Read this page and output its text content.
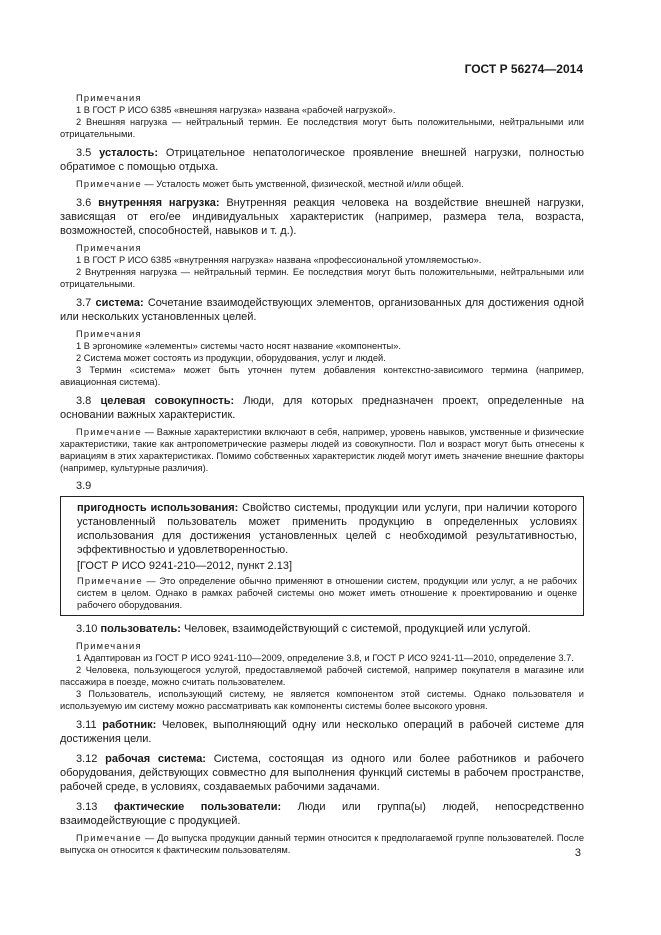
ГОСТ Р 56274—2014

Примечания

1 В ГОСТ Р ИСО 6385 «внешняя нагрузка» названа «рабочей нагрузкой».

2 Внешняя нагрузка — нейтральный термин. Ее последствия могут быть положительными, нейтральными или отрицательными.

3.5 усталость: Отрицательное непатологическое проявление внешней нагрузки, полностью обратимое с помощью отдыха.

Примечание — Усталость может быть умственной, физической, местной и/или общей.

3.6 внутренняя нагрузка: Внутренняя реакция человека на воздействие внешней нагрузки, зависящая от его/ее индивидуальных характеристик (например, размера тела, возраста, возможностей, способностей, навыков и т. д.).

Примечания

1 В ГОСТ Р ИСО 6385 «внутренняя нагрузка» названа «профессиональной утомляемостью».

2 Внутренняя нагрузка — нейтральный термин. Ее последствия могут быть положительными, нейтральными или отрицательными.

3.7 система: Сочетание взаимодействующих элементов, организованных для достижения одной или нескольких установленных целей.

Примечания

1 В эргономике «элементы» системы часто носят название «компоненты».

2 Система может состоять из продукции, оборудования, услуг и людей.

3 Термин «система» может быть уточнен путем добавления контекстно-зависимого термина (например, авиационная система).

3.8 целевая совокупность: Люди, для которых предназначен проект, определенные на основании важных характеристик.

Примечание — Важные характеристики включают в себя, например, уровень навыков, умственные и физические характеристики, такие как антропометрические размеры людей из совокупности. Пол и возраст могут быть отнесены к вариациям в этих характеристиках. Помимо собственных характеристик людей могут иметь значение внешние факторы (например, культурные различия).

3.9

пригодность использования: Свойство системы, продукции или услуги, при наличии которого установленный пользователь может применить продукцию в определенных условиях использования для достижения установленных целей с необходимой результативностью, эффективностью и удовлетворенностью.

[ГОСТ Р ИСО 9241-210—2012, пункт 2.13]

Примечание — Это определение обычно применяют в отношении систем, продукции или услуг, а не рабочих систем в целом. Однако в рамках рабочей системы оно может иметь отношение к проектированию и оценке рабочего оборудования.

3.10 пользователь: Человек, взаимодействующий с системой, продукцией или услугой.

Примечания

1 Адаптирован из ГОСТ Р ИСО 9241-110—2009, определение 3.8, и ГОСТ Р ИСО 9241-11—2010, определение 3.7.

2 Человека, пользующегося услугой, предоставляемой рабочей системой, например покупателя в магазине или пассажира в поезде, можно считать пользователем.

3 Пользователь, использующий систему, не является компонентом этой системы. Однако пользователя и используемую им систему можно рассматривать как компоненты системы более высокого уровня.

3.11 работник: Человек, выполняющий одну или несколько операций в рабочей системе для достижения цели.

3.12 рабочая система: Система, состоящая из одного или более работников и рабочего оборудования, действующих совместно для выполнения функций системы в рабочем пространстве, рабочей среде, в условиях, создаваемых рабочими задачами.

3.13 фактические пользователи: Люди или группа(ы) людей, непосредственно взаимодействующие с продукцией.

Примечание — До выпуска продукции данный термин относится к предполагаемой группе пользователей. После выпуска он относится к фактическим пользователям.	3
